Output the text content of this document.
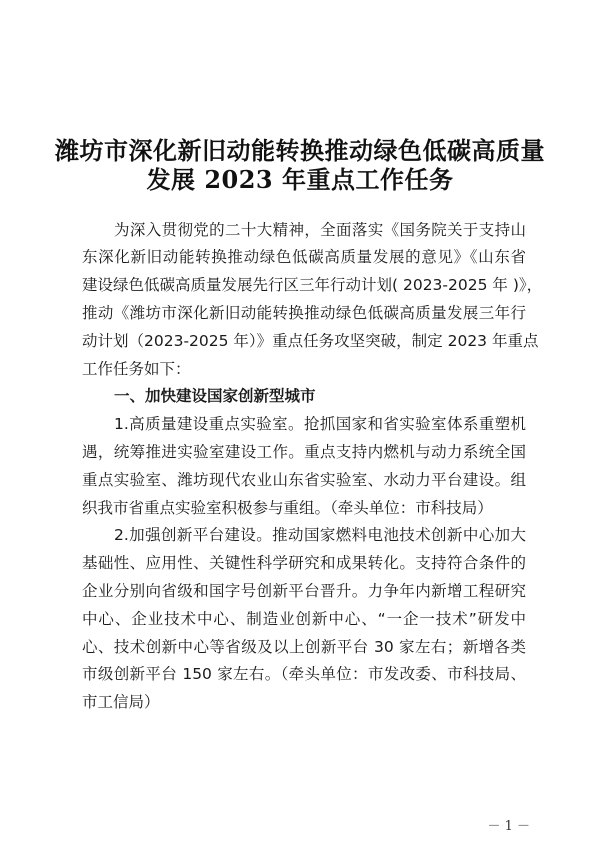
潍坊市深化新旧动能转换推动绿色低碳高质量
发展 2023 年重点工作任务
为深入贯彻党的二十大精神，全面落实《国务院关于支持山
东深化新旧动能转换推动绿色低碳高质量发展的意见》《山东省
建设绿色低碳高质量发展先行区三年行动计划( 2023-2025 年 )》，
推动《潍坊市深化新旧动能转换推动绿色低碳高质量发展三年行
动计划（2023-2025 年）》重点任务攻坚突破，制定 2023 年重点
工作任务如下：
一、加快建设国家创新型城市
1.高质量建设重点实验室。抢抓国家和省实验室体系重塑机
遇，统筹推进实验室建设工作。重点支持内燃机与动力系统全国
重点实验室、潍坊现代农业山东省实验室、水动力平台建设。组
织我市省重点实验室积极参与重组。（牵头单位：市科技局）
2.加强创新平台建设。推动国家燃料电池技术创新中心加大
基础性、应用性、关键性科学研究和成果转化。支持符合条件的
企业分别向省级和国字号创新平台晋升。力争年内新增工程研究
中心、企业技术中心、制造业创新中心、“一企一技术”研发中
心、技术创新中心等省级及以上创新平台 30 家左右；新增各类
市级创新平台 150 家左右。（牵头单位：市发改委、市科技局、
市工信局）
－ 1 －
